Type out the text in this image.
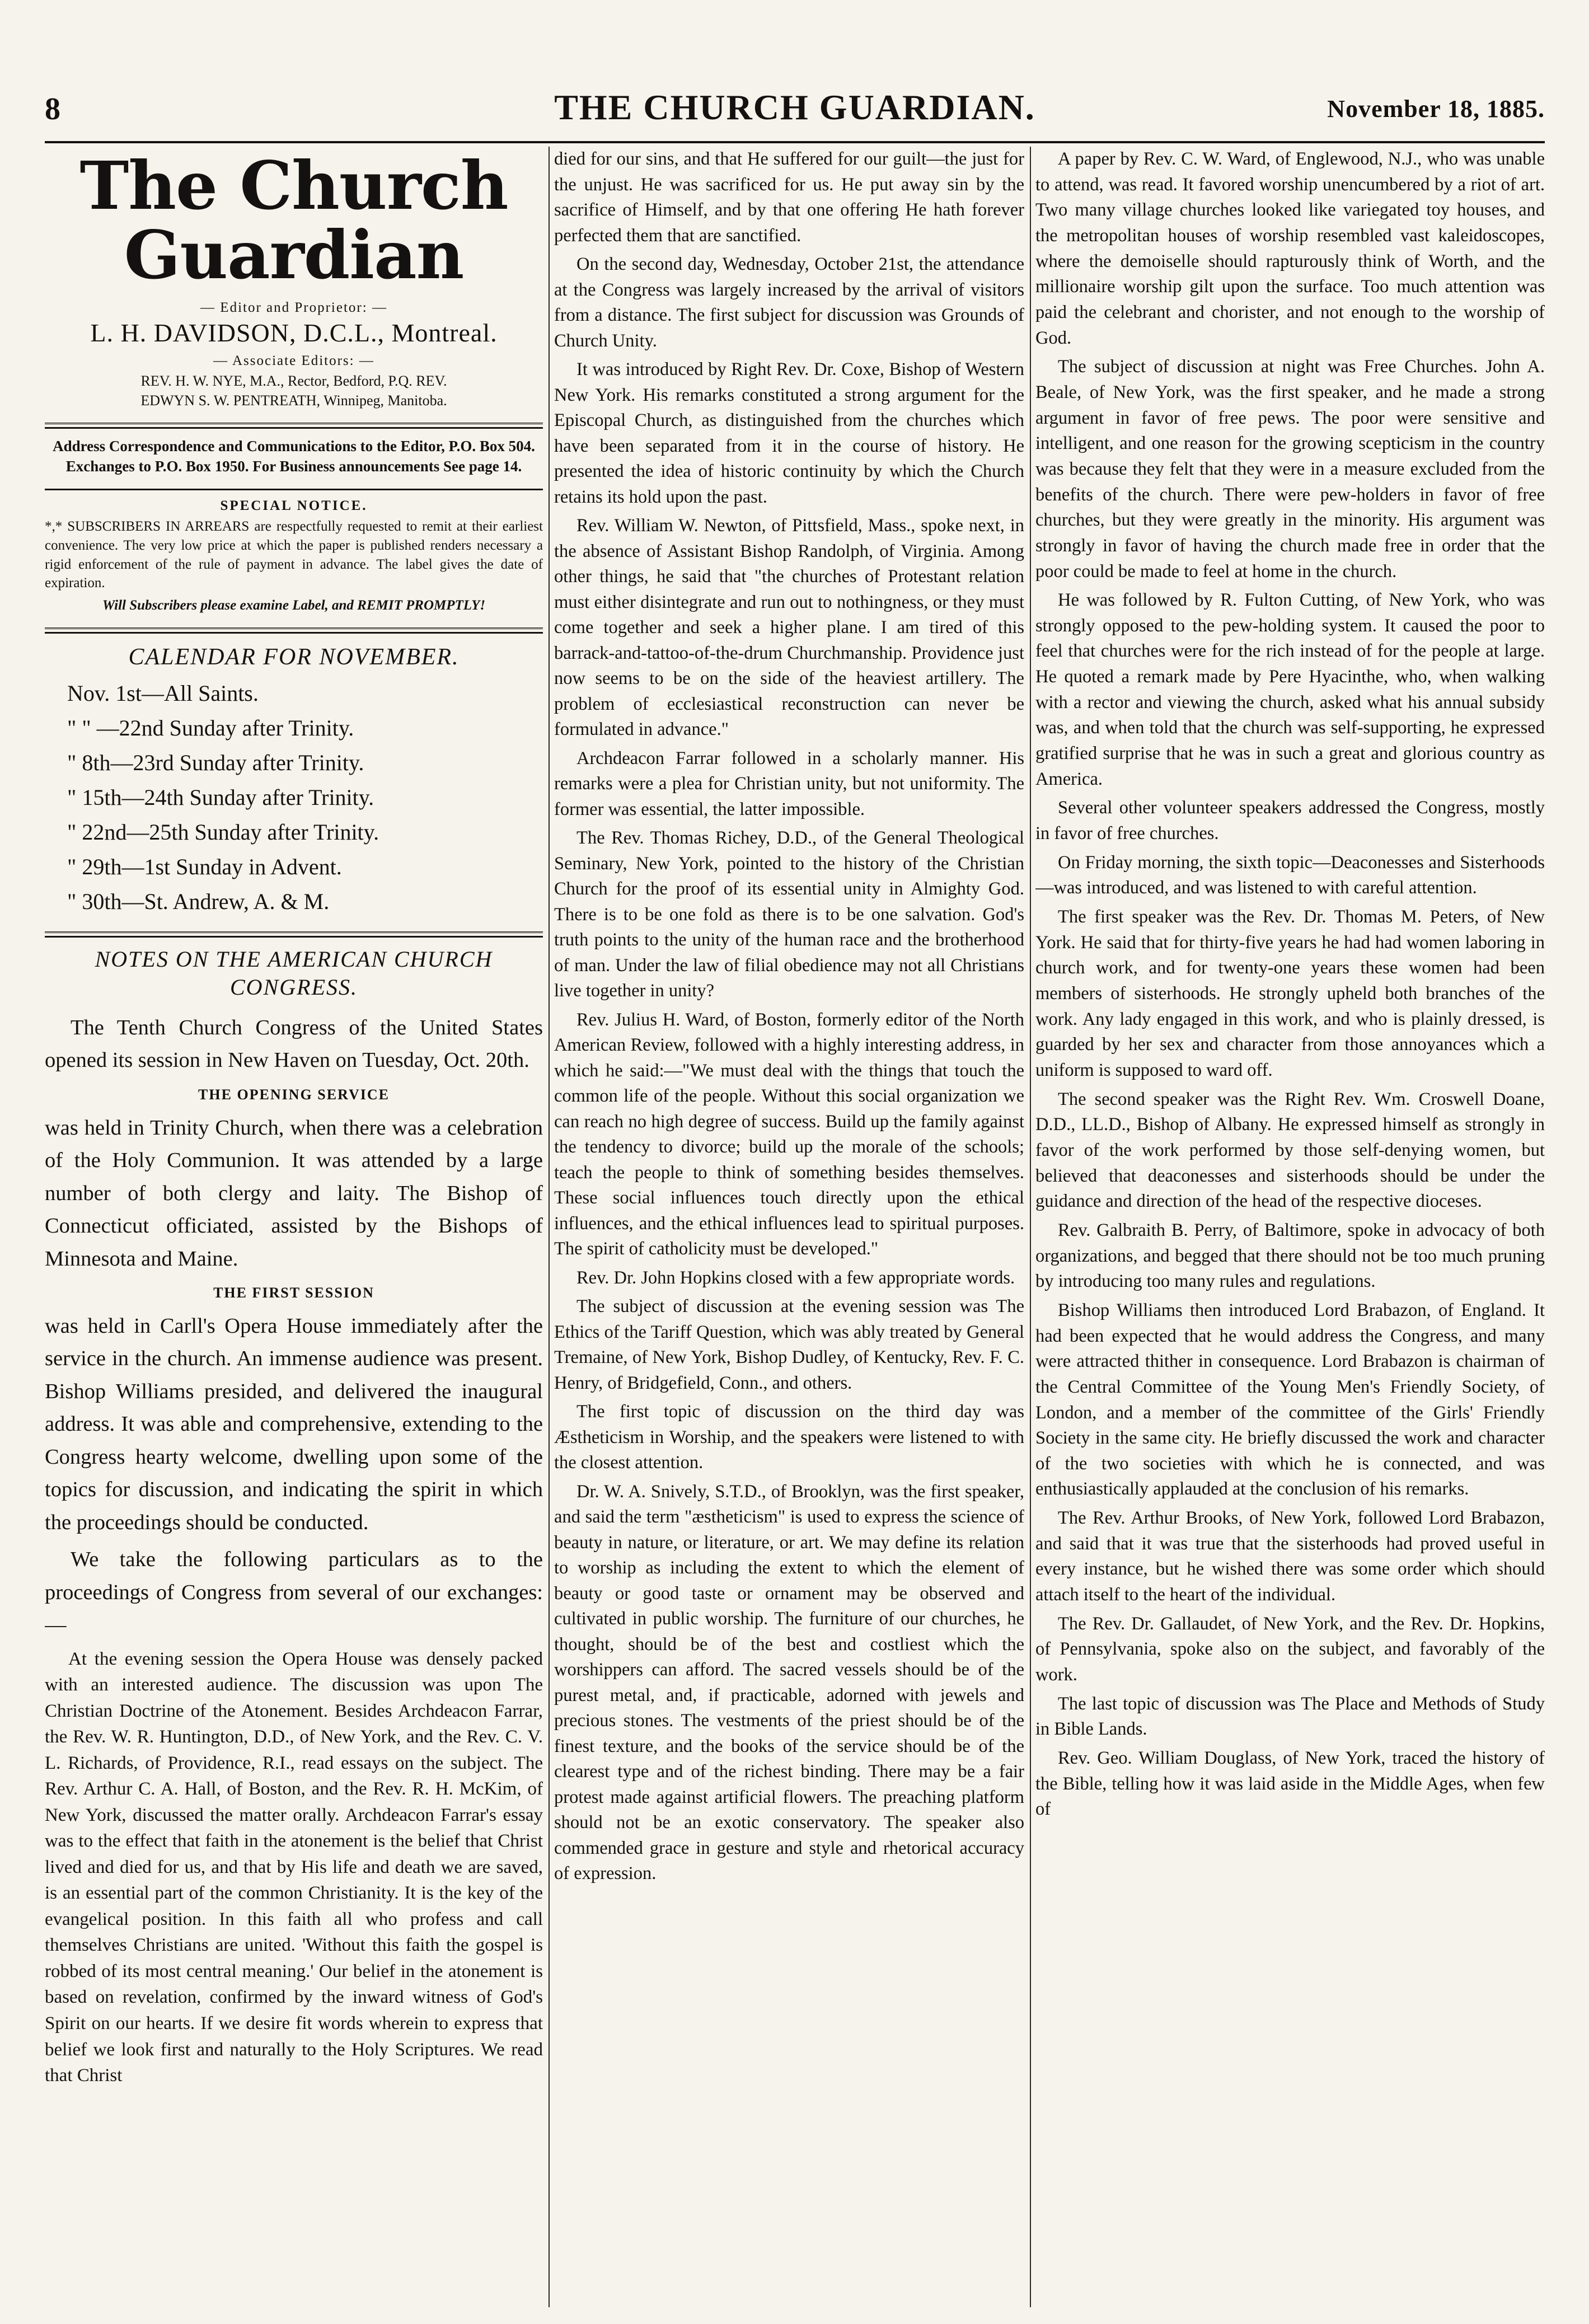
8	THE CHURCH GUARDIAN.	November 18, 1885.
The Church Guardian
— Editor and Proprietor: —
L. H. DAVIDSON, D.C.L., Montreal.
— Associate Editors: —
REV. H. W. NYE, M.A., Rector, Bedford, P.Q. REV.
EDWYN S. W. PENTREATH, Winnipeg, Manitoba.
Address Correspondence and Communications to the Editor, P.O. Box 504. Exchanges to P.O. Box 1950. For Business announcements See page 14.
SPECIAL NOTICE.
*,* SUBSCRIBERS IN ARREARS are respectfully requested to remit at their earliest convenience. The very low price at which the paper is published renders necessary a rigid enforcement of the rule of payment in advance. The label gives the date of expiration.
Will Subscribers please examine Label, and REMIT PROMPTLY!
CALENDAR FOR NOVEMBER.
Nov. 1st—All Saints.
" " —22nd Sunday after Trinity.
" 8th—23rd Sunday after Trinity.
" 15th—24th Sunday after Trinity.
" 22nd—25th Sunday after Trinity.
" 29th—1st Sunday in Advent.
" 30th—St. Andrew, A. & M.
NOTES ON THE AMERICAN CHURCH CONGRESS.

The Tenth Church Congress of the United States opened its session in New Haven on Tuesday, Oct. 20th.

THE OPENING SERVICE

was held in Trinity Church, when there was a celebration of the Holy Communion. It was attended by a large number of both clergy and laity. The Bishop of Connecticut officiated, assisted by the Bishops of Minnesota and Maine.

THE FIRST SESSION

was held in Carll's Opera House immediately after the service in the church. An immense audience was present. Bishop Williams presided, and delivered the inaugural address. It was able and comprehensive, extending to the Congress hearty welcome, dwelling upon some of the topics for discussion, and indicating the spirit in which the proceedings should be conducted.

We take the following particulars as to the proceedings of Congress from several of our exchanges:—

At the evening session the Opera House was densely packed with an interested audience. The discussion was upon The Christian Doctrine of the Atonement. Besides Archdeacon Farrar, the Rev. W. R. Huntington, D.D., of New York, and the Rev. C. V. L. Richards, of Providence, R.I., read essays on the subject. The Rev. Arthur C. A. Hall, of Boston, and the Rev. R. H. McKim, of New York, discussed the matter orally. Archdeacon Farrar's essay was to the effect that faith in the atonement is the belief that Christ lived and died for us, and that by His life and death we are saved, is an essential part of the common Christianity. It is the key of the evangelical position. In this faith all who profess and call themselves Christians are united. 'Without this faith the gospel is robbed of its most central meaning.' Our belief in the atonement is based on revelation, confirmed by the inward witness of God's Spirit on our hearts. If we desire fit words wherein to express that belief we look first and naturally to the Holy Scriptures. We read that Christ

died for our sins, and that He suffered for our guilt—the just for the unjust. He was sacrificed for us. He put away sin by the sacrifice of Himself, and by that one offering He hath forever perfected them that are sanctified.

On the second day, Wednesday, October 21st, the attendance at the Congress was largely increased by the arrival of visitors from a distance. The first subject for discussion was Grounds of Church Unity.

It was introduced by Right Rev. Dr. Coxe, Bishop of Western New York. His remarks constituted a strong argument for the Episcopal Church, as distinguished from the churches which have been separated from it in the course of history. He presented the idea of historic continuity by which the Church retains its hold upon the past.

Rev. William W. Newton, of Pittsfield, Mass., spoke next, in the absence of Assistant Bishop Randolph, of Virginia. Among other things, he said that "the churches of Protestant relation must either disintegrate and run out to nothingness, or they must come together and seek a higher plane. I am tired of this barrack-and-tattoo-of-the-drum Churchmanship. Providence just now seems to be on the side of the heaviest artillery. The problem of ecclesiastical reconstruction can never be formulated in advance."

Archdeacon Farrar followed in a scholarly manner. His remarks were a plea for Christian unity, but not uniformity. The former was essential, the latter impossible.

The Rev. Thomas Richey, D.D., of the General Theological Seminary, New York, pointed to the history of the Christian Church for the proof of its essential unity in Almighty God. There is to be one fold as there is to be one salvation. God's truth points to the unity of the human race and the brotherhood of man. Under the law of filial obedience may not all Christians live together in unity?

Rev. Julius H. Ward, of Boston, formerly editor of the North American Review, followed with a highly interesting address, in which he said:—"We must deal with the things that touch the common life of the people. Without this social organization we can reach no high degree of success. Build up the family against the tendency to divorce; build up the morale of the schools; teach the people to think of something besides themselves. These social influences touch directly upon the ethical influences, and the ethical influences lead to spiritual purposes. The spirit of catholicity must be developed."

Rev. Dr. John Hopkins closed with a few appropriate words.

The subject of discussion at the evening session was The Ethics of the Tariff Question, which was ably treated by General Tremaine, of New York, Bishop Dudley, of Kentucky, Rev. F. C. Henry, of Bridgefield, Conn., and others.

The first topic of discussion on the third day was Æstheticism in Worship, and the speakers were listened to with the closest attention.

Dr. W. A. Snively, S.T.D., of Brooklyn, was the first speaker, and said the term "æstheticism" is used to express the science of beauty in nature, or literature, or art. We may define its relation to worship as including the extent to which the element of beauty or good taste or ornament may be observed and cultivated in public worship. The furniture of our churches, he thought, should be of the best and costliest which the worshippers can afford. The sacred vessels should be of the purest metal, and, if practicable, adorned with jewels and precious stones. The vestments of the priest should be of the finest texture, and the books of the service should be of the clearest type and of the richest binding. There may be a fair protest made against artificial flowers. The preaching platform should not be an exotic conservatory. The speaker also commended grace in gesture and style and rhetorical accuracy of expression.

A paper by Rev. C. W. Ward, of Englewood, N.J., who was unable to attend, was read. It favored worship unencumbered by a riot of art. Two many village churches looked like variegated toy houses, and the metropolitan houses of worship resembled vast kaleidoscopes, where the demoiselle should rapturously think of Worth, and the millionaire worship gilt upon the surface. Too much attention was paid the celebrant and chorister, and not enough to the worship of God.

The subject of discussion at night was Free Churches. John A. Beale, of New York, was the first speaker, and he made a strong argument in favor of free pews. The poor were sensitive and intelligent, and one reason for the growing scepticism in the country was because they felt that they were in a measure excluded from the benefits of the church. There were pew-holders in favor of free churches, but they were greatly in the minority. His argument was strongly in favor of having the church made free in order that the poor could be made to feel at home in the church.

He was followed by R. Fulton Cutting, of New York, who was strongly opposed to the pew-holding system. It caused the poor to feel that churches were for the rich instead of for the people at large. He quoted a remark made by Pere Hyacinthe, who, when walking with a rector and viewing the church, asked what his annual subsidy was, and when told that the church was self-supporting, he expressed gratified surprise that he was in such a great and glorious country as America.

Several other volunteer speakers addressed the Congress, mostly in favor of free churches.

On Friday morning, the sixth topic—Deaconesses and Sisterhoods—was introduced, and was listened to with careful attention.

The first speaker was the Rev. Dr. Thomas M. Peters, of New York. He said that for thirty-five years he had had women laboring in church work, and for twenty-one years these women had been members of sisterhoods. He strongly upheld both branches of the work. Any lady engaged in this work, and who is plainly dressed, is guarded by her sex and character from those annoyances which a uniform is supposed to ward off.

The second speaker was the Right Rev. Wm. Croswell Doane, D.D., LL.D., Bishop of Albany. He expressed himself as strongly in favor of the work performed by those self-denying women, but believed that deaconesses and sisterhoods should be under the guidance and direction of the head of the respective dioceses.

Rev. Galbraith B. Perry, of Baltimore, spoke in advocacy of both organizations, and begged that there should not be too much pruning by introducing too many rules and regulations.

Bishop Williams then introduced Lord Brabazon, of England. It had been expected that he would address the Congress, and many were attracted thither in consequence. Lord Brabazon is chairman of the Central Committee of the Young Men's Friendly Society, of London, and a member of the committee of the Girls' Friendly Society in the same city. He briefly discussed the work and character of the two societies with which he is connected, and was enthusiastically applauded at the conclusion of his remarks.

The Rev. Arthur Brooks, of New York, followed Lord Brabazon, and said that it was true that the sisterhoods had proved useful in every instance, but he wished there was some order which should attach itself to the heart of the individual.

The Rev. Dr. Gallaudet, of New York, and the Rev. Dr. Hopkins, of Pennsylvania, spoke also on the subject, and favorably of the work.

The last topic of discussion was The Place and Methods of Study in Bible Lands.

Rev. Geo. William Douglass, of New York, traced the history of the Bible, telling how it was laid aside in the Middle Ages, when few of
